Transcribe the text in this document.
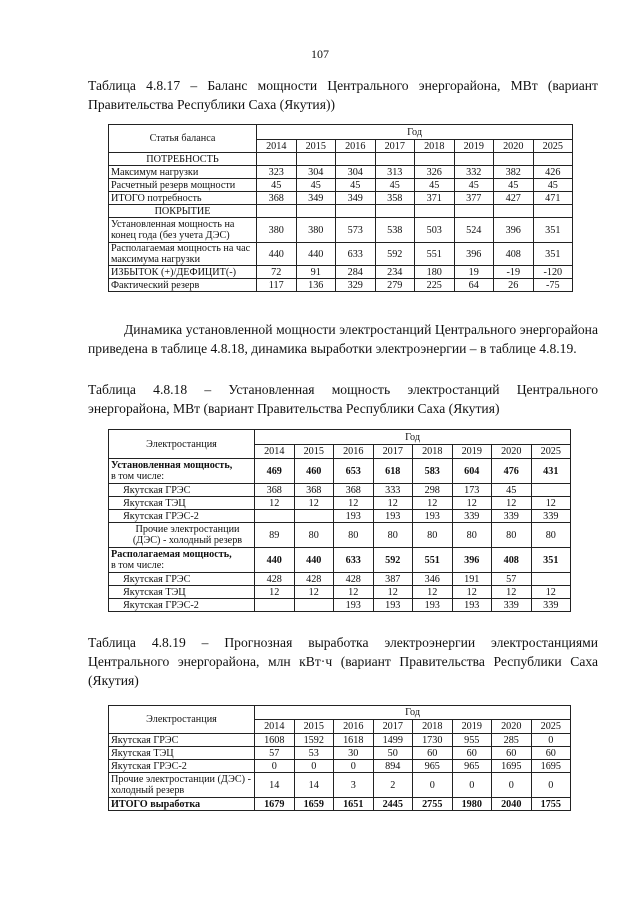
107
Таблица 4.8.17 – Баланс мощности Центрального энергорайона, МВт (вариант Правительства Республики Саха (Якутия))
Статья баланса	Год							
	2014	2015	2016	2017	2018	2019	2020	2025
ПОТРЕБНОСТЬ								
Максимум нагрузки	323	304	304	313	326	332	382	426
Расчетный резерв мощности	45	45	45	45	45	45	45	45
ИТОГО потребность	368	349	349	358	371	377	427	471
ПОКРЫТИЕ								
Установленная мощность на конец года (без учета ДЭС)	380	380	573	538	503	524	396	351
Располагаемая мощность на час максимума нагрузки	440	440	633	592	551	396	408	351
ИЗБЫТОК (+)/ДЕФИЦИТ(-)	72	91	284	234	180	19	-19	-120
Фактический резерв	117	136	329	279	225	64	26	-75
Динамика установленной мощности электростанций Центрального энергорайона приведена в таблице 4.8.18, динамика выработки электроэнергии – в таблице 4.8.19.
Таблица 4.8.18 – Установленная мощность электростанций Центрального энергорайона, МВт (вариант Правительства Республики Саха (Якутия)
Электростанция	Год							
	2014	2015	2016	2017	2018	2019	2020	2025
Установленная мощность,
в том числе:	469	460	653	618	583	604	476	431
Якутская ГРЭС	368	368	368	333	298	173	45	
Якутская ТЭЦ	12	12	12	12	12	12	12	12
Якутская ГРЭС-2			193	193	193	339	339	339
Прочие электростанции (ДЭС) - холодный резерв	89	80	80	80	80	80	80	80
Располагаемая мощность,
в том числе:	440	440	633	592	551	396	408	351
Якутская ГРЭС	428	428	428	387	346	191	57	
Якутская ТЭЦ	12	12	12	12	12	12	12	12
Якутская ГРЭС-2			193	193	193	193	339	339
Таблица 4.8.19 – Прогнозная выработка электроэнергии электростанциями Центрального энергорайона, млн кВт·ч (вариант Правительства Республики Саха (Якутия)
Электростанция	Год							
	2014	2015	2016	2017	2018	2019	2020	2025
Якутская ГРЭС	1608	1592	1618	1499	1730	955	285	0
Якутская ТЭЦ	57	53	30	50	60	60	60	60
Якутская ГРЭС-2	0	0	0	894	965	965	1695	1695
Прочие электростанции (ДЭС) - холодный резерв	14	14	3	2	0	0	0	0
ИТОГО выработка	1679	1659	1651	2445	2755	1980	2040	1755
